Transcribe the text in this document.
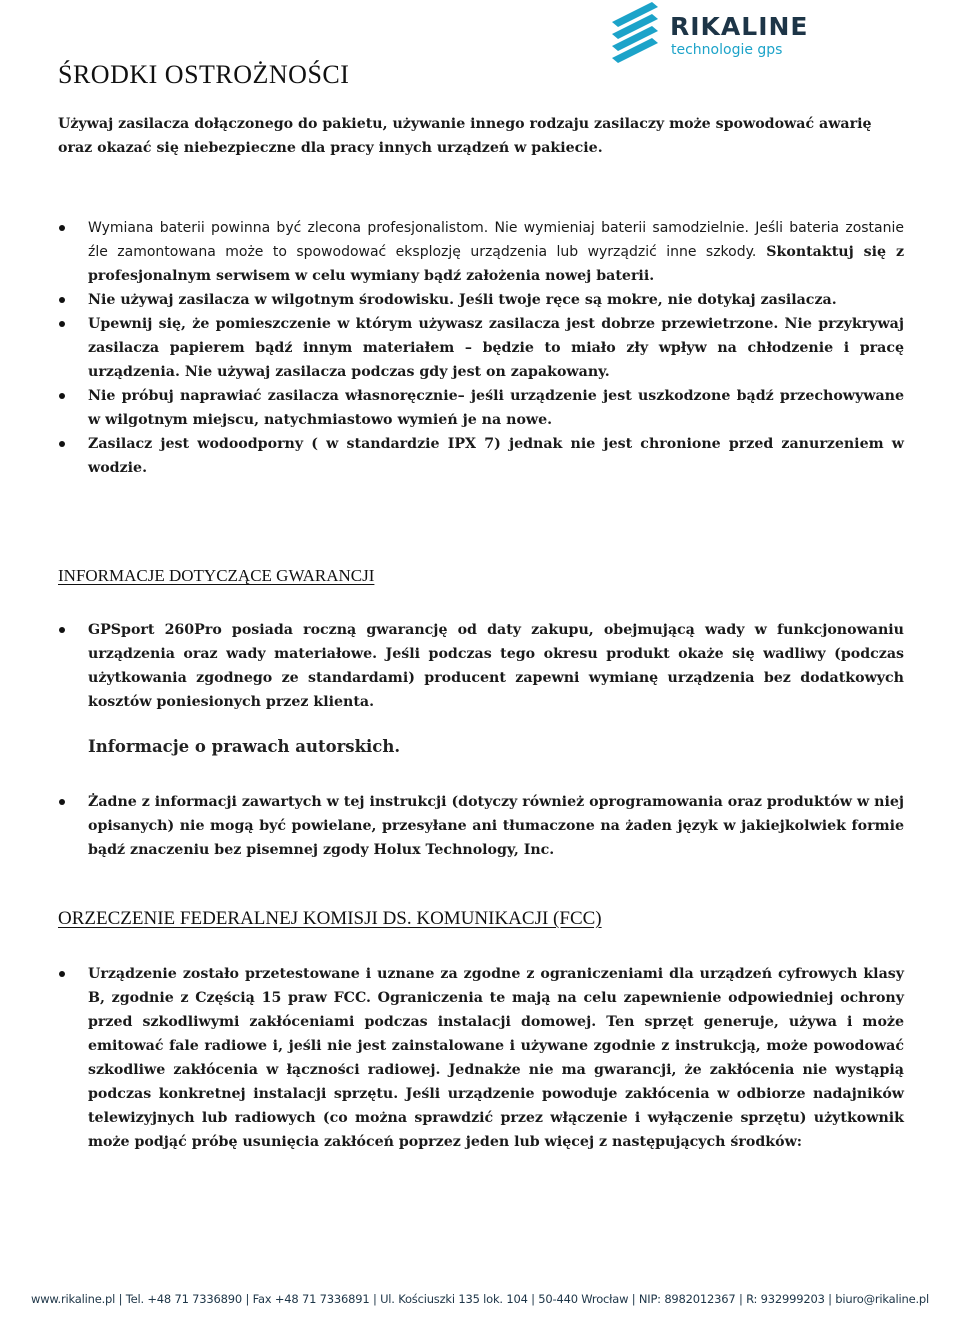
RIKALINE
technologie gps
ŚRODKI OSTROŻNOŚCI

Używaj zasilacza dołączonego do pakietu, używanie innego rodzaju zasilaczy może spowodować awarię oraz okazać się niebezpieczne dla pracy innych urządzeń w pakiecie.

Wymiana baterii powinna być zlecona profesjonalistom. Nie wymieniaj baterii samodzielnie. Jeśli bateria zostanie źle zamontowana może to spowodować eksplozję urządzenia lub wyrządzić inne szkody. Skontaktuj się z profesjonalnym serwisem w celu wymiany bądź założenia nowej baterii.
Nie używaj zasilacza w wilgotnym środowisku. Jeśli twoje ręce są mokre, nie dotykaj zasilacza.
Upewnij się, że pomieszczenie w którym używasz zasilacza jest dobrze przewietrzone. Nie przykrywaj zasilacza papierem bądź innym materiałem – będzie to miało zły wpływ na chłodzenie i pracę urządzenia. Nie używaj zasilacza podczas gdy jest on zapakowany.
Nie próbuj naprawiać zasilacza własnoręcznie– jeśli urządzenie jest uszkodzone bądź przechowywane w wilgotnym miejscu, natychmiastowo wymień je na nowe.
Zasilacz jest wodoodporny ( w standardzie IPX 7) jednak nie jest chronione przed zanurzeniem w wodzie.
INFORMACJE DOTYCZĄCE GWARANCJI
GPSport 260Pro posiada roczną gwarancję od daty zakupu, obejmującą wady w funkcjonowaniu urządzenia oraz wady materiałowe. Jeśli podczas tego okresu produkt okaże się wadliwy (podczas użytkowania zgodnego ze standardami) producent zapewni wymianę urządzenia bez dodatkowych kosztów poniesionych przez klienta.
Informacje o prawach autorskich.
Żadne z informacji zawartych w tej instrukcji (dotyczy również oprogramowania oraz produktów w niej opisanych) nie mogą być powielane, przesyłane ani tłumaczone na żaden język w jakiejkolwiek formie bądź znaczeniu bez pisemnej zgody Holux Technology, Inc.
ORZECZENIE FEDERALNEJ KOMISJI DS. KOMUNIKACJI (FCC)
Urządzenie zostało przetestowane i uznane za zgodne z ograniczeniami dla urządzeń cyfrowych klasy B, zgodnie z Częścią 15 praw FCC. Ograniczenia te mają na celu zapewnienie odpowiedniej ochrony przed szkodliwymi zakłóceniami podczas instalacji domowej. Ten sprzęt generuje, używa i może emitować fale radiowe i, jeśli nie jest zainstalowane i używane zgodnie z instrukcją, może powodować szkodliwe zakłócenia w łączności radiowej. Jednakże nie ma gwarancji, że zakłócenia nie wystąpią podczas konkretnej instalacji sprzętu. Jeśli urządzenie powoduje zakłócenia w odbiorze nadajników telewizyjnych lub radiowych (co można sprawdzić przez włączenie i wyłączenie sprzętu) użytkownik może podjąć próbę usunięcia zakłóceń poprzez jeden lub więcej z następujących środków:
www.rikaline.pl | Tel. +48 71 7336890 | Fax +48 71 7336891 | Ul. Kościuszki 135 lok. 104 | 50-440 Wrocław | NIP: 8982012367 | R: 932999203 | biuro@rikaline.pl
